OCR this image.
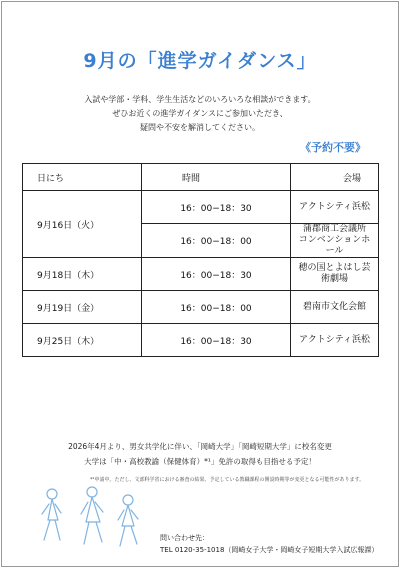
9月の「進学ガイダンス」
入試や学部・学科、学生生活などのいろいろな相談ができます。
ぜひお近くの進学ガイダンスにご参加いただき、
疑問や不安を解消してください。
《予約不要》
日にち	時間	会場
9月16日（火）	16：00−18：30	アクトシティ浜松
	16：00−18：00	蒲郡商工会議所
コンベンションホール

9月18日（木）	16：00−18：30	穂の国とよはし芸術劇場
9月19日（金）	16：00−18：00	碧南市文化会館
9月25日（木）	16：00−18：30	アクトシティ浜松
2026年4月より、男女共学化に伴い、「岡崎大学」「岡崎短期大学」に校名変更
大学は「中・高校教諭（保健体育）*¹」免許の取得も目指せる予定！
*¹申請中。ただし、文部科学省における審査の結果、予定している教職課程の開設時期等が変更となる可能性があります。
問い合わせ先：
TEL 0120-35-1018（岡崎女子大学・岡崎女子短期大学入試広報課）
